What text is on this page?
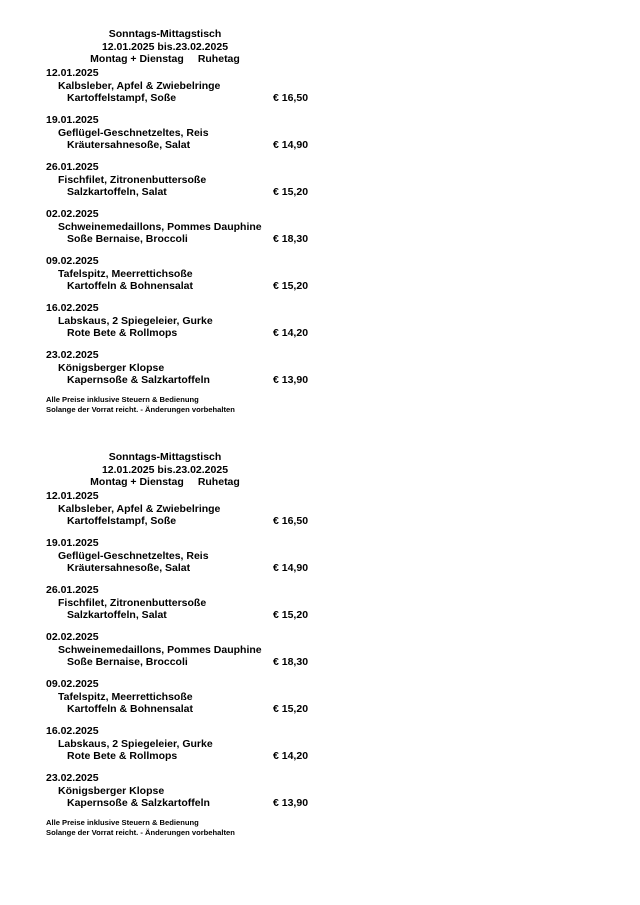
Sonntags-Mittagstisch
12.01.2025 bis.23.02.2025
Montag + Dienstag Ruhetag
12.01.2025
Kalbsleber, Apfel & Zwiebelringe
Kartoffelstampf, Soße	€ 16,50
19.01.2025
Geflügel-Geschnetzeltes, Reis
Kräutersahnesoße, Salat	€ 14,90
26.01.2025
Fischfilet, Zitronenbuttersoße
Salzkartoffeln, Salat	€ 15,20
02.02.2025
Schweinemedaillons, Pommes Dauphine
Soße Bernaise, Broccoli	€ 18,30
09.02.2025
Tafelspitz, Meerrettichsoße
Kartoffeln & Bohnensalat	€ 15,20
16.02.2025
Labskaus, 2 Spiegeleier, Gurke
Rote Bete & Rollmops	€ 14,20
23.02.2025
Königsberger Klopse
Kapernsoße & Salzkartoffeln	€ 13,90
Alle Preise inklusive Steuern & Bedienung
Solange der Vorrat reicht. - Änderungen vorbehalten
Sonntags-Mittagstisch
12.01.2025 bis.23.02.2025
Montag + Dienstag Ruhetag
12.01.2025
Kalbsleber, Apfel & Zwiebelringe
Kartoffelstampf, Soße	€ 16,50
19.01.2025
Geflügel-Geschnetzeltes, Reis
Kräutersahnesoße, Salat	€ 14,90
26.01.2025
Fischfilet, Zitronenbuttersoße
Salzkartoffeln, Salat	€ 15,20
02.02.2025
Schweinemedaillons, Pommes Dauphine
Soße Bernaise, Broccoli	€ 18,30
09.02.2025
Tafelspitz, Meerrettichsoße
Kartoffeln & Bohnensalat	€ 15,20
16.02.2025
Labskaus, 2 Spiegeleier, Gurke
Rote Bete & Rollmops	€ 14,20
23.02.2025
Königsberger Klopse
Kapernsoße & Salzkartoffeln	€ 13,90
Alle Preise inklusive Steuern & Bedienung
Solange der Vorrat reicht. - Änderungen vorbehalten
